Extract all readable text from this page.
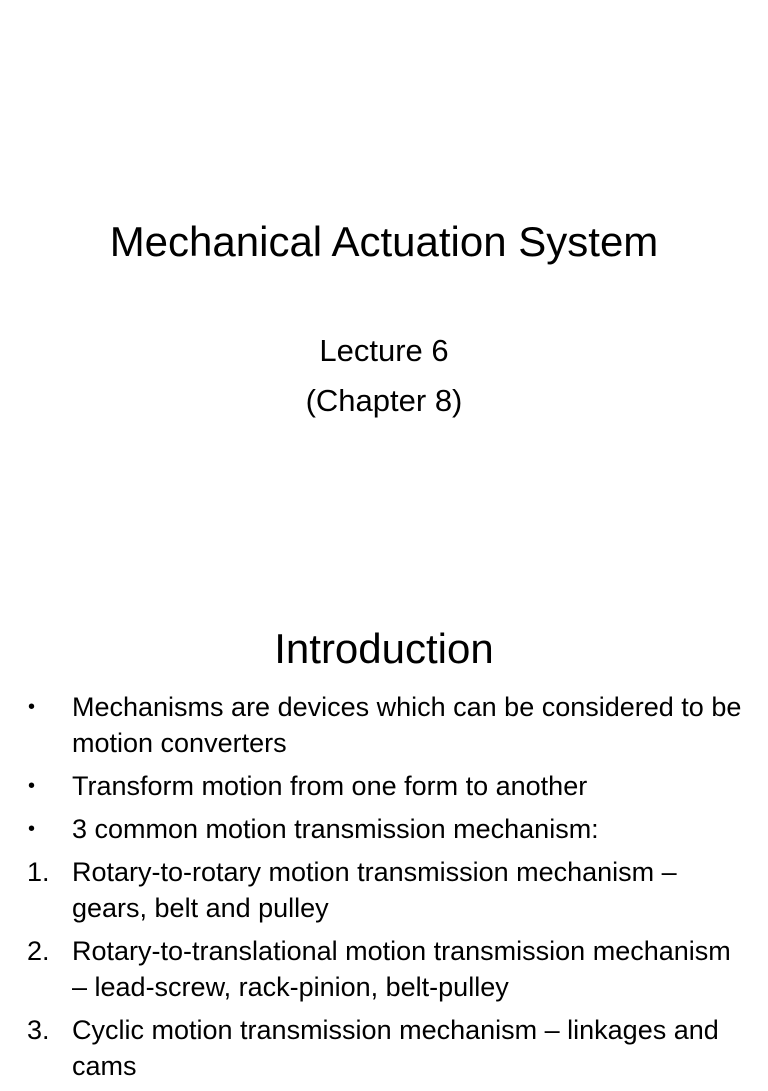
Mechanical Actuation System
Lecture 6
(Chapter 8)
Introduction
•	Mechanisms are devices which can be considered to be motion converters
•	Transform motion from one form to another
•	3 common motion transmission mechanism:
1. Rotary-to-rotary motion transmission mechanism – gears, belt and pulley
2. Rotary-to-translational motion transmission mechanism – lead-screw, rack-pinion, belt-pulley
3. Cyclic motion transmission mechanism – linkages and cams
